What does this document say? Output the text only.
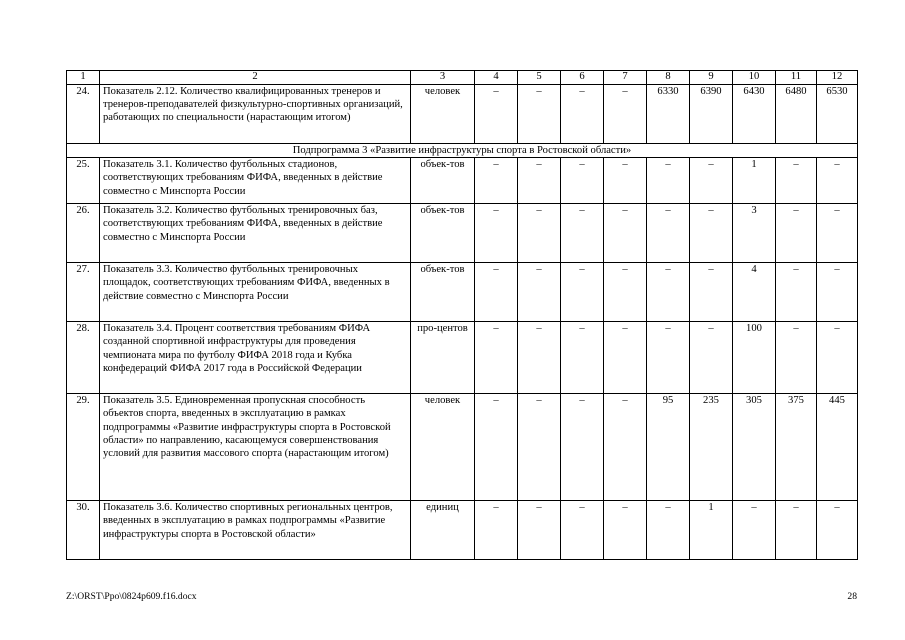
1	2	3	4	5	6	7	8	9	10	11	12
24.	Показатель 2.12. Количество квалифицированных тренеров и тренеров-преподавателей физкультурно-спортивных организаций, работающих по специальности (нарастающим итогом)	человек	–	–	–	–	6330	6390	6430	6480	6530
Подпрограмма 3 «Развитие инфраструктуры спорта в Ростовской области»											
25.	Показатель 3.1. Количество футбольных стадионов, соответствующих требованиям ФИФА, введенных в действие совместно с Минспорта России	объек-тов	–	–	–	–	–	–	1	–	–
26.	Показатель 3.2. Количество футбольных тренировочных баз, соответствующих требованиям ФИФА, введенных в действие совместно с Минспорта России	объек-тов	–	–	–	–	–	–	3	–	–
27.	Показатель 3.3. Количество футбольных тренировочных площадок, соответствующих требованиям ФИФА, введенных в действие совместно с Минспорта России	объек-тов	–	–	–	–	–	–	4	–	–
28.	Показатель 3.4. Процент соответствия требованиям ФИФА созданной спортивной инфраструктуры для проведения чемпионата мира по футболу ФИФА 2018 года и Кубка конфедераций ФИФА 2017 года в Российской Федерации	про-центов	–	–	–	–	–	–	100	–	–
29.	Показатель 3.5. Единовременная пропускная способность объектов спорта, введенных в эксплуатацию в рамках подпрограммы «Развитие инфраструктуры спорта в Ростовской области» по направлению, касающемуся совершенствования условий для развития массового спорта (нарастающим итогом)	человек	–	–	–	–	95	235	305	375	445
30.	Показатель 3.6. Количество спортивных региональных центров, введенных в эксплуатацию в рамках подпрограммы «Развитие инфраструктуры спорта в Ростовской области»	единиц	–	–	–	–	–	1	–	–	–
Z:\ORST\Ppo\0824p609.f16.docx	28
